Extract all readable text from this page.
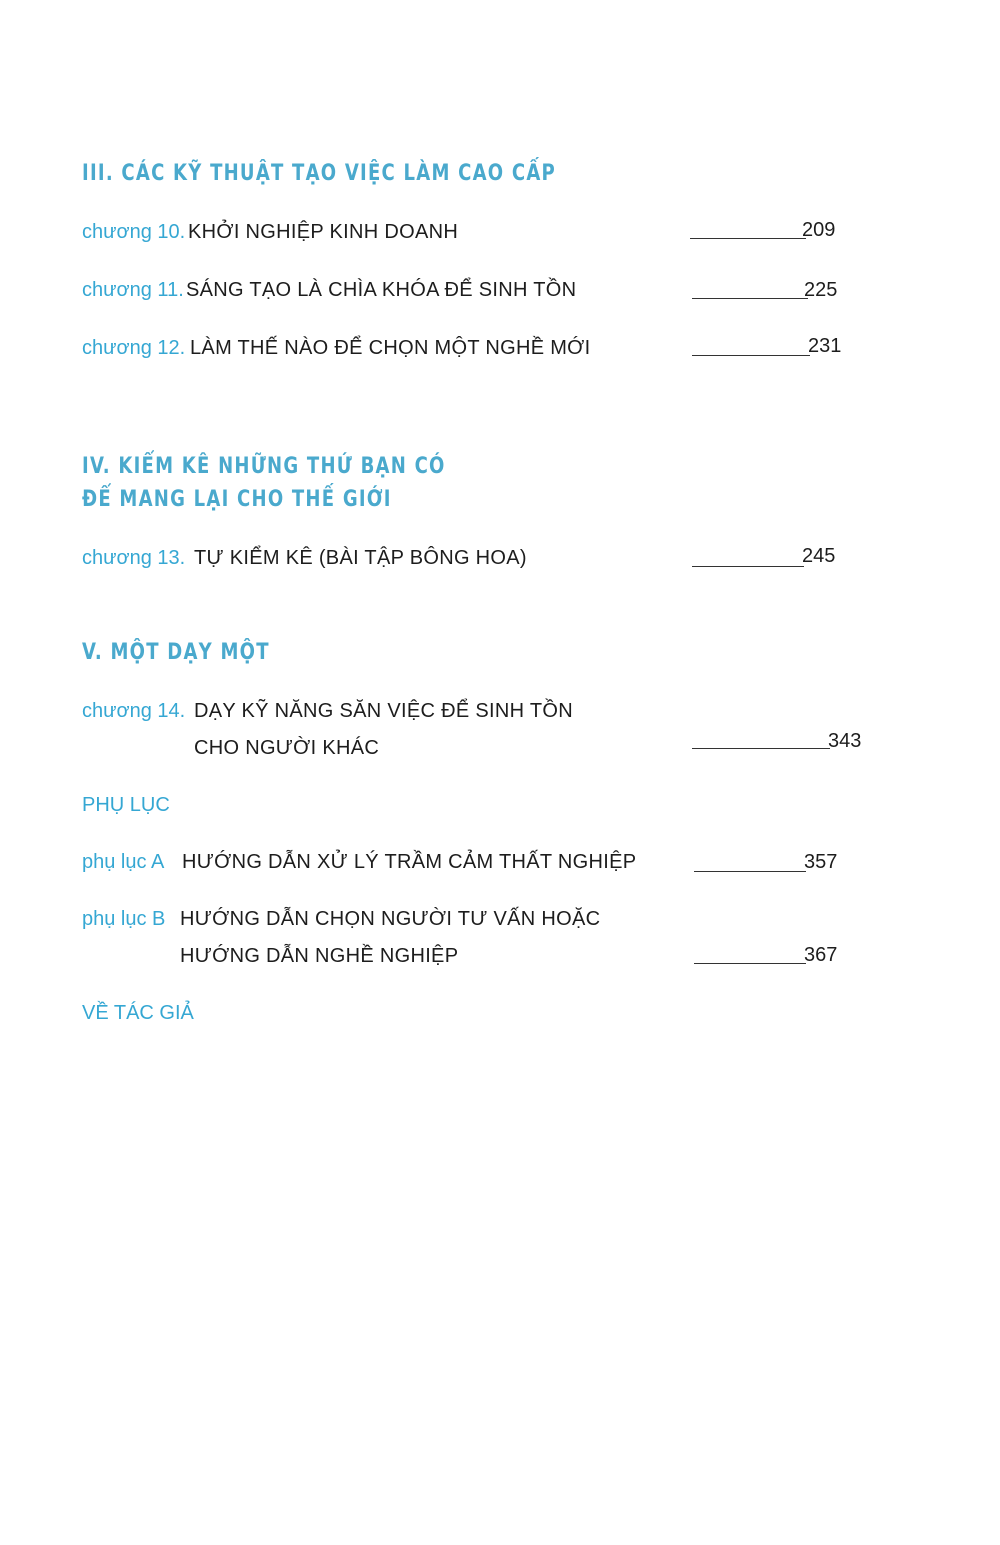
III. CÁC KỸ THUẬT TẠO VIỆC LÀM CAO CẤP
chương 10. KHỞI NGHIỆP KINH DOANH	209
chương 11. SÁNG TẠO LÀ CHÌA KHÓA ĐỂ SINH TỒN	225
chương 12. LÀM THẾ NÀO ĐỂ CHỌN MỘT NGHỀ MỚI	231
IV. KIỂM KÊ NHỮNG THỨ BẠN CÓ
ĐỂ MANG LẠI CHO THẾ GIỚI
chương 13. TỰ KIỂM KÊ (BÀI TẬP BÔNG HOA)	245
V. MỘT DẠY MỘT
chương 14. DẠY KỸ NĂNG SĂN VIỆC ĐỂ SINH TỒN
CHO NGƯỜI KHÁC	343
PHỤ LỤC
phụ lục A HƯỚNG DẪN XỬ LÝ TRẦM CẢM THẤT NGHIỆP	357
phụ lục B HƯỚNG DẪN CHỌN NGƯỜI TƯ VẤN HOẶC
HƯỚNG DẪN NGHỀ NGHIỆP	367
VỀ TÁC GIẢ
